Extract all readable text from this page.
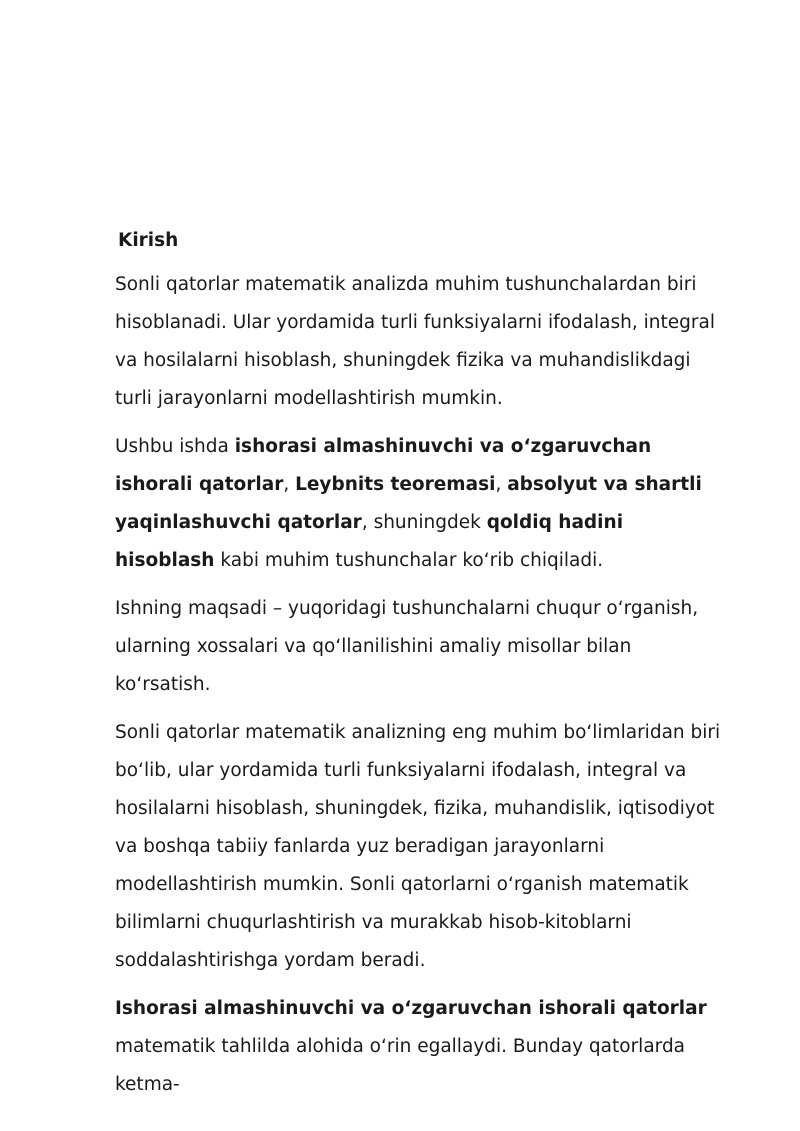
Kirish

Sonli qatorlar matematik analizda muhim tushunchalardan biri hisoblanadi. Ular yordamida turli funksiyalarni ifodalash, integral va hosilalarni hisoblash, shuningdek fizika va muhandislikdagi turli jarayonlarni modellashtirish mumkin.

Ushbu ishda ishorasi almashinuvchi va o‘zgaruvchan ishorali qatorlar, Leybnits teoremasi, absolyut va shartli yaqinlashuvchi qatorlar, shuningdek qoldiq hadini hisoblash kabi muhim tushunchalar ko‘rib chiqiladi.

Ishning maqsadi – yuqoridagi tushunchalarni chuqur o‘rganish, ularning xossalari va qo‘llanilishini amaliy misollar bilan ko‘rsatish.

Sonli qatorlar matematik analizning eng muhim bo‘limlaridan biri bo‘lib, ular yordamida turli funksiyalarni ifodalash, integral va hosilalarni hisoblash, shuningdek, fizika, muhandislik, iqtisodiyot va boshqa tabiiy fanlarda yuz beradigan jarayonlarni modellashtirish mumkin. Sonli qatorlarni o‘rganish matematik bilimlarni chuqurlashtirish va murakkab hisob-kitoblarni soddalashtirishga yordam beradi.

Ishorasi almashinuvchi va o‘zgaruvchan ishorali qatorlar matematik tahlilda alohida o‘rin egallaydi. Bunday qatorlarda ketma-
